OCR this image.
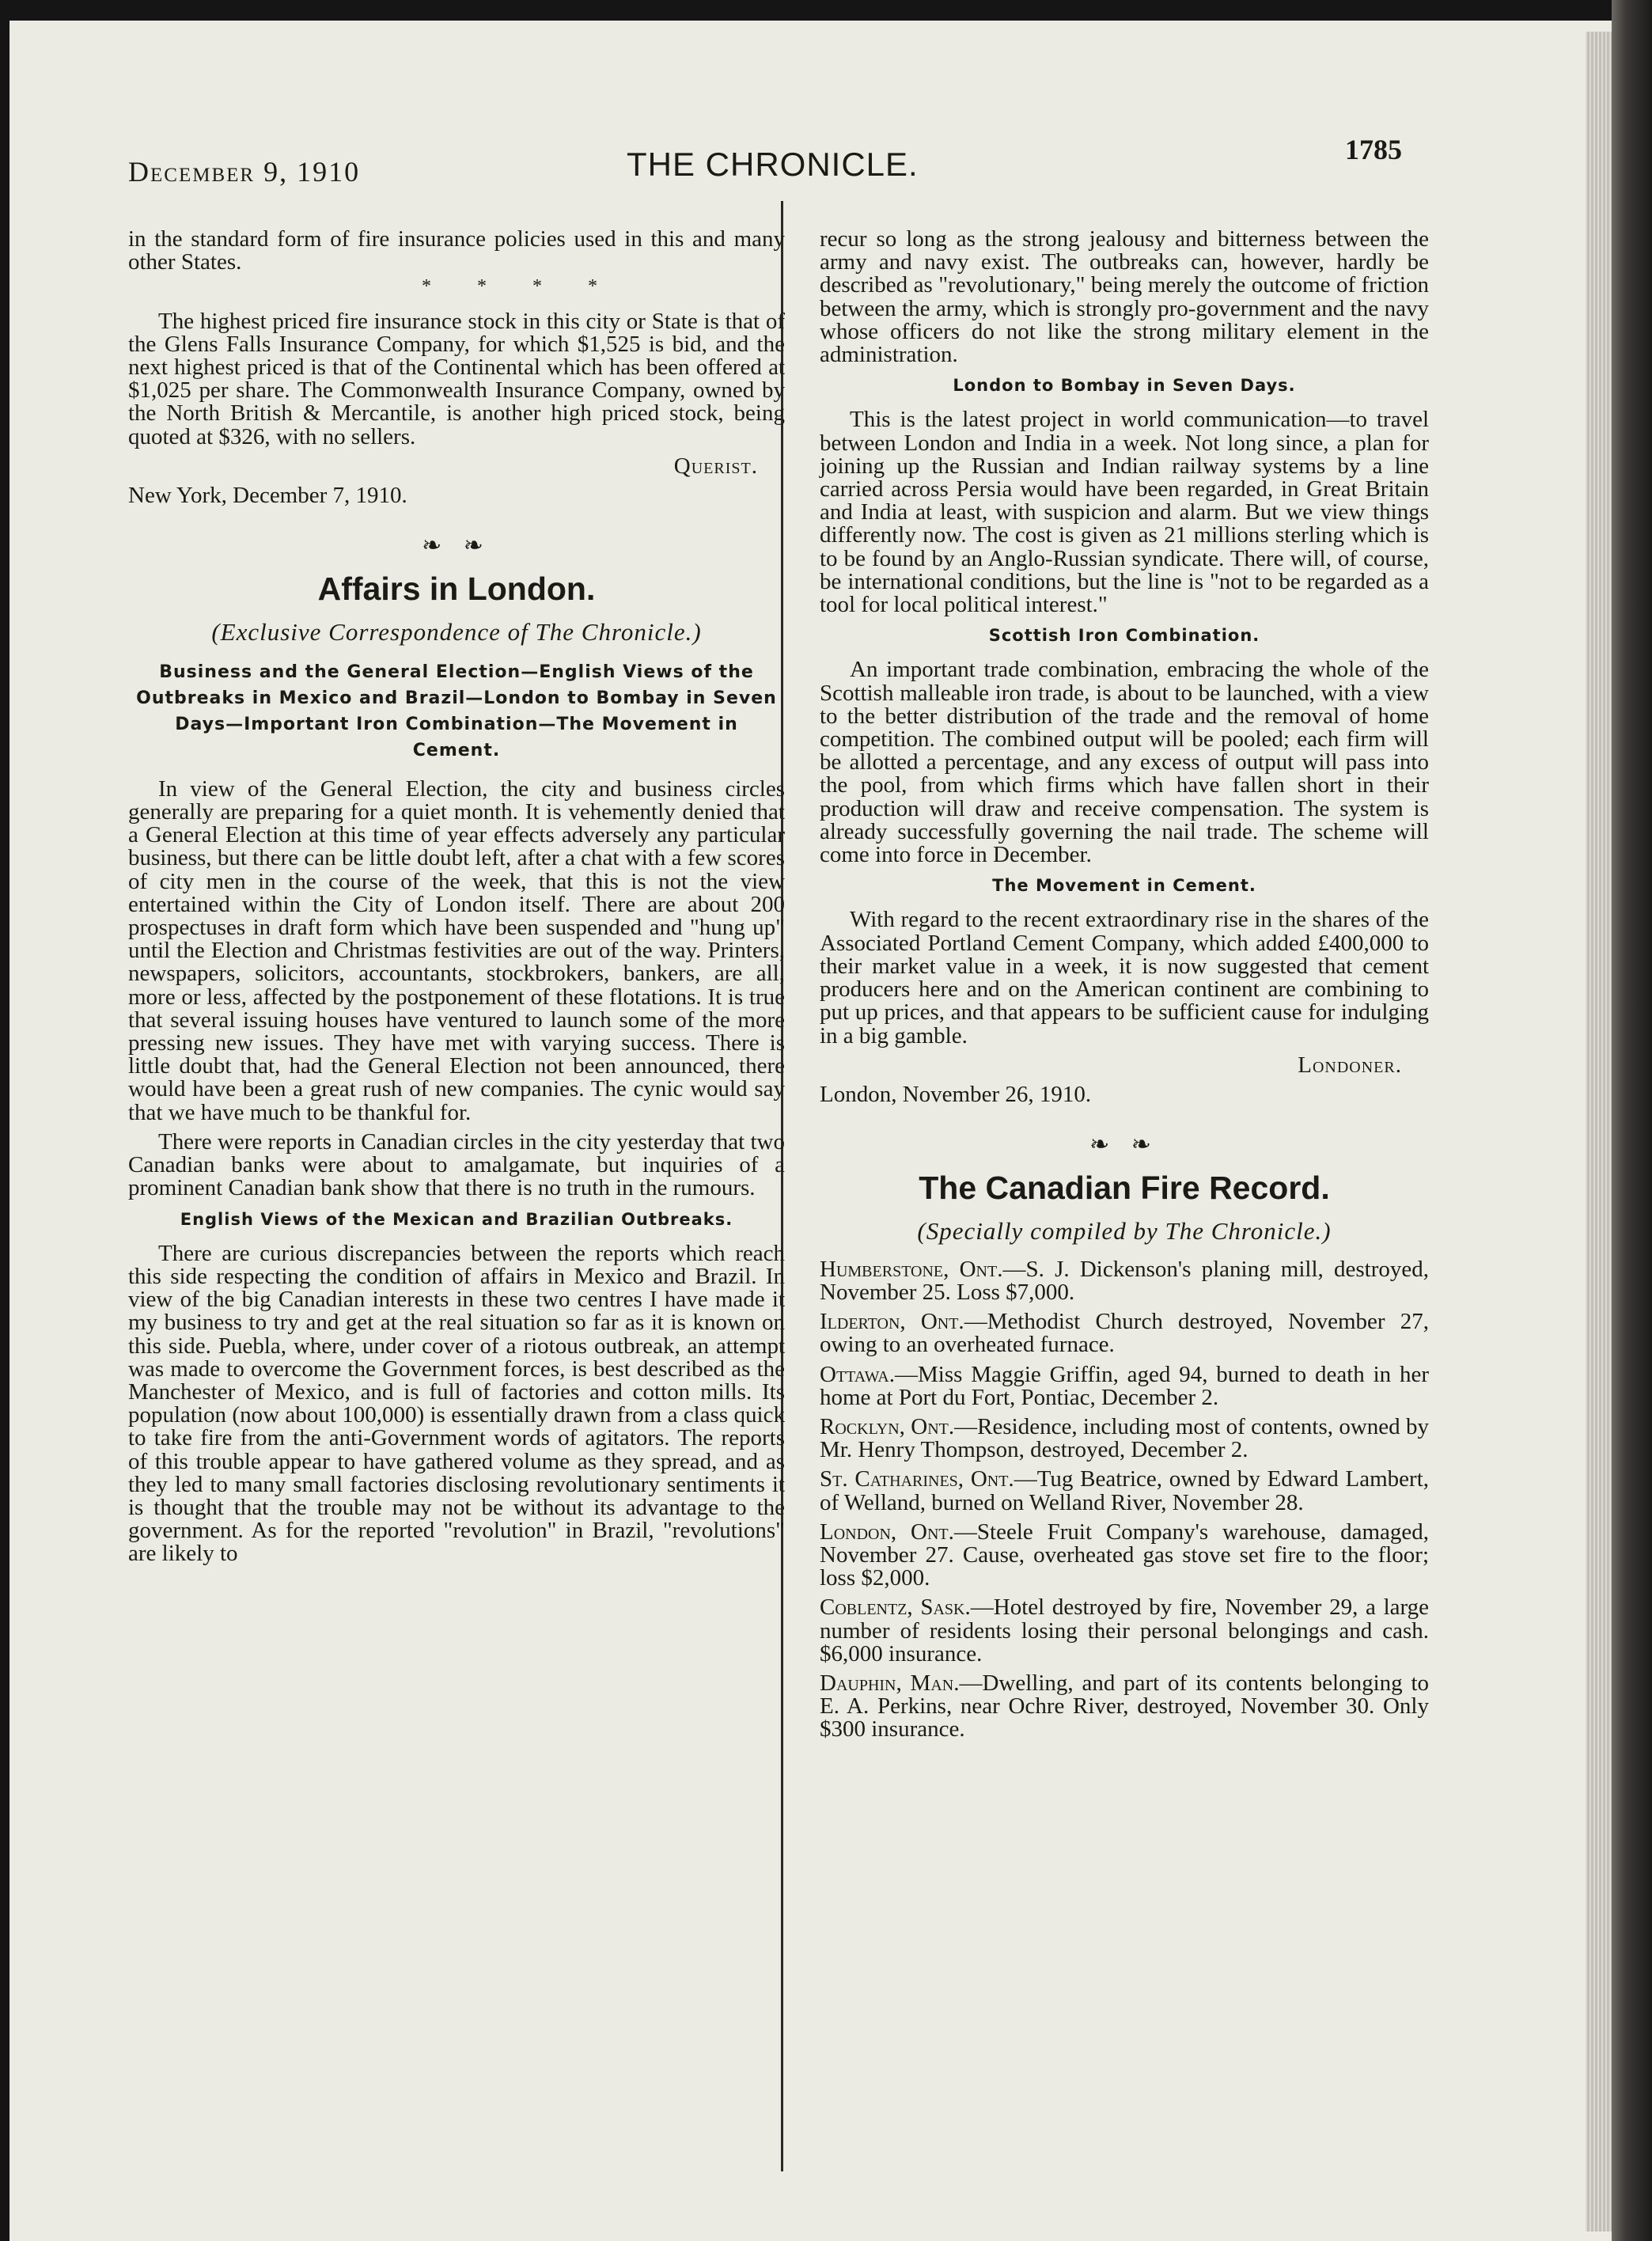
December 9, 1910	THE CHRONICLE.	1785

in the standard form of fire insurance policies used in this and many other States.

* * * *

The highest priced fire insurance stock in this city or State is that of the Glens Falls Insurance Company, for which $1,525 is bid, and the next highest priced is that of the Continental which has been offered at $1,025 per share. The Commonwealth Insurance Company, owned by the North British & Mercantile, is another high priced stock, being quoted at $326, with no sellers.

Querist.

New York, December 7, 1910.

❧ ❧
Affairs in London.
(Exclusive Correspondence of The Chronicle.)
Business and the General Election—English Views of the Outbreaks in Mexico and Brazil—London to Bombay in Seven Days—Important Iron Combination—The Movement in Cement.

In view of the General Election, the city and business circles generally are preparing for a quiet month. It is vehemently denied that a General Election at this time of year effects adversely any particular business, but there can be little doubt left, after a chat with a few scores of city men in the course of the week, that this is not the view entertained within the City of London itself. There are about 200 prospectuses in draft form which have been suspended and "hung up" until the Election and Christmas festivities are out of the way. Printers, newspapers, solicitors, accountants, stockbrokers, bankers, are all, more or less, affected by the postponement of these flotations. It is true that several issuing houses have ventured to launch some of the more pressing new issues. They have met with varying success. There is little doubt that, had the General Election not been announced, there would have been a great rush of new companies. The cynic would say that we have much to be thankful for.

There were reports in Canadian circles in the city yesterday that two Canadian banks were about to amalgamate, but inquiries of a prominent Canadian bank show that there is no truth in the rumours.

English Views of the Mexican and Brazilian Outbreaks.

There are curious discrepancies between the reports which reach this side respecting the condition of affairs in Mexico and Brazil. In view of the big Canadian interests in these two centres I have made it my business to try and get at the real situation so far as it is known on this side. Puebla, where, under cover of a riotous outbreak, an attempt was made to overcome the Government forces, is best described as the Manchester of Mexico, and is full of factories and cotton mills. Its population (now about 100,000) is essentially drawn from a class quick to take fire from the anti-Government words of agitators. The reports of this trouble appear to have gathered volume as they spread, and as they led to many small factories disclosing revolutionary sentiments it is thought that the trouble may not be without its advantage to the government. As for the reported "revolution" in Brazil, "revolutions" are likely to

recur so long as the strong jealousy and bitterness between the army and navy exist. The outbreaks can, however, hardly be described as "revolutionary," being merely the outcome of friction between the army, which is strongly pro-government and the navy whose officers do not like the strong military element in the administration.

London to Bombay in Seven Days.

This is the latest project in world communication—to travel between London and India in a week. Not long since, a plan for joining up the Russian and Indian railway systems by a line carried across Persia would have been regarded, in Great Britain and India at least, with suspicion and alarm. But we view things differently now. The cost is given as 21 millions sterling which is to be found by an Anglo-Russian syndicate. There will, of course, be international conditions, but the line is "not to be regarded as a tool for local political interest."

Scottish Iron Combination.

An important trade combination, embracing the whole of the Scottish malleable iron trade, is about to be launched, with a view to the better distribution of the trade and the removal of home competition. The combined output will be pooled; each firm will be allotted a percentage, and any excess of output will pass into the pool, from which firms which have fallen short in their production will draw and receive compensation. The system is already successfully governing the nail trade. The scheme will come into force in December.

The Movement in Cement.

With regard to the recent extraordinary rise in the shares of the Associated Portland Cement Company, which added £400,000 to their market value in a week, it is now suggested that cement producers here and on the American continent are combining to put up prices, and that appears to be sufficient cause for indulging in a big gamble.

Londoner.

London, November 26, 1910.

❧ ❧
The Canadian Fire Record.
(Specially compiled by The Chronicle.)

Humberstone, Ont.—S. J. Dickenson's planing mill, destroyed, November 25. Loss $7,000.

Ilderton, Ont.—Methodist Church destroyed, November 27, owing to an overheated furnace.

Ottawa.—Miss Maggie Griffin, aged 94, burned to death in her home at Port du Fort, Pontiac, December 2.

Rocklyn, Ont.—Residence, including most of contents, owned by Mr. Henry Thompson, destroyed, December 2.

St. Catharines, Ont.—Tug Beatrice, owned by Edward Lambert, of Welland, burned on Welland River, November 28.

London, Ont.—Steele Fruit Company's warehouse, damaged, November 27. Cause, overheated gas stove set fire to the floor; loss $2,000.

Coblentz, Sask.—Hotel destroyed by fire, November 29, a large number of residents losing their personal belongings and cash. $6,000 insurance.

Dauphin, Man.—Dwelling, and part of its contents belonging to E. A. Perkins, near Ochre River, destroyed, November 30. Only $300 insurance.
